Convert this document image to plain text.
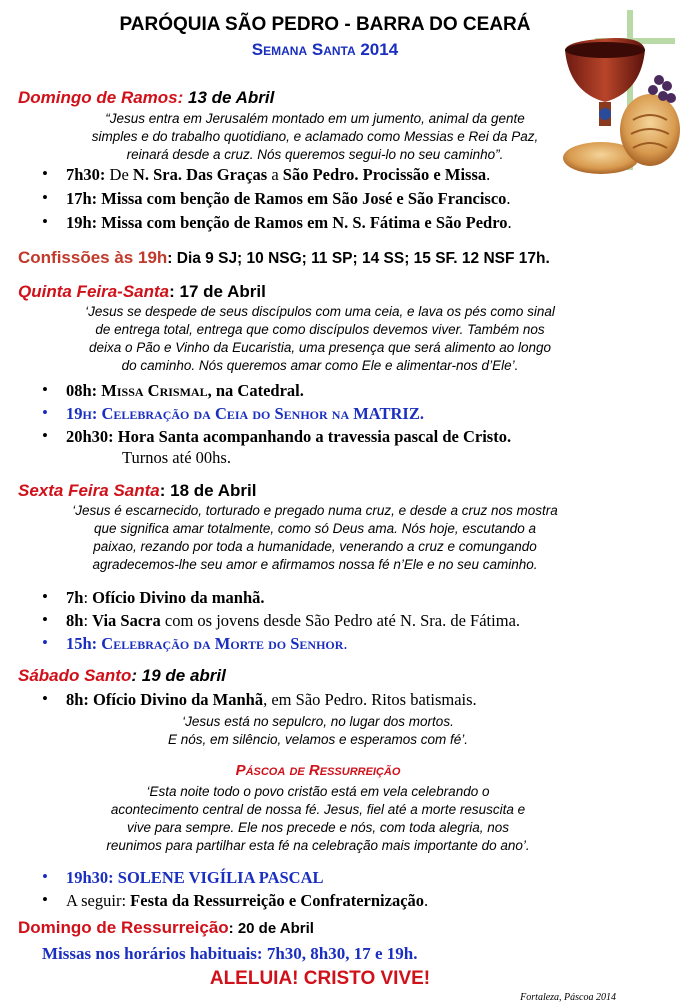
PARÓQUIA SÃO PEDRO - BARRA DO CEARÁ
Semana Santa 2014
Domingo de Ramos: 13 de Abril
“Jesus entra em Jerusalém montado em um jumento, animal da gente
simples e do trabalho quotidiano, e aclamado como Messias e Rei da Paz,
reinará desde a cruz. Nós queremos segui-lo no seu caminho”.
• 7h30: De N. Sra. Das Graças a São Pedro. Procissão e Missa.
• 17h: Missa com benção de Ramos em São José e São Francisco.
• 19h: Missa com benção de Ramos em N. S. Fátima e São Pedro.
Confissões às 19h: Dia 9 SJ; 10 NSG; 11 SP; 14 SS; 15 SF. 12 NSF 17h.
Quinta Feira-Santa: 17 de Abril
‘Jesus se despede de seus discípulos com uma ceia, e lava os pés como sinal
de entrega total, entrega que como discípulos devemos viver. Também nos
deixa o Pão e Vinho da Eucaristia, uma presença que será alimento ao longo
do caminho. Nós queremos amar como Ele e alimentar-nos d’Ele’.
• 08h: Missa Crismal, na Catedral.
• 19h: Celebração da Ceia do Senhor na MATRIZ.
• 20h30: Hora Santa acompanhando a travessia pascal de Cristo.
Turnos até 00hs.
Sexta Feira Santa: 18 de Abril
‘Jesus é escarnecido, torturado e pregado numa cruz, e desde a cruz nos mostra
que significa amar totalmente, como só Deus ama. Nós hoje, escutando a
paixao, rezando por toda a humanidade, venerando a cruz e comungando
agradecemos-lhe seu amor e afirmamos nossa fé n’Ele e no seu caminho.
• 7h: Ofício Divino da manhã.
• 8h: Via Sacra com os jovens desde São Pedro até N. Sra. de Fátima.
• 15h: Celebração da Morte do Senhor.
Sábado Santo: 19 de abril
• 8h: Ofício Divino da Manhã, em São Pedro. Ritos batismais.
‘Jesus está no sepulcro, no lugar dos mortos.
E nós, em silêncio, velamos e esperamos com fé’.
Páscoa de Ressurreição
‘Esta noite todo o povo cristão está em vela celebrando o
acontecimento central de nossa fé. Jesus, fiel até a morte resuscita e
vive para sempre. Ele nos precede e nós, com toda alegria, nos
reunimos para partilhar esta fé na celebração mais importante do ano’.
• 19h30: SOLENE VIGÍLIA PASCAL
• A seguir: Festa da Ressurreição e Confraternização.
Domingo de Ressurreição: 20 de Abril
Missas nos horários habituais: 7h30, 8h30, 17 e 19h.
ALELUIA! CRISTO VIVE!
Fortaleza, Páscoa 2014
